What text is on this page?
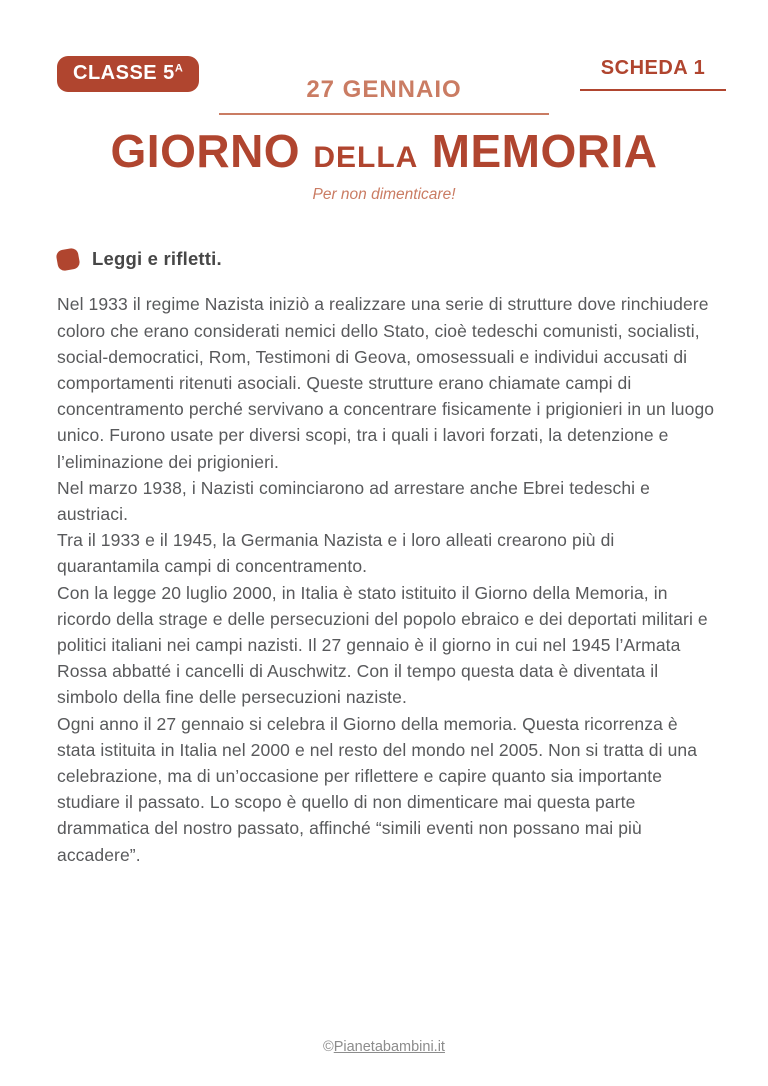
CLASSE $5^A$	SCHEDA 1
27 GENNAIO
GIORNO DELLA MEMORIA
Per non dimenticare!
Leggi e rifletti.

Nel 1933 il regime Nazista iniziò a realizzare una serie di strutture dove rinchiudere coloro che erano considerati nemici dello Stato, cioè tedeschi comunisti, socialisti, social-democratici, Rom, Testimoni di Geova, omosessuali e individui accusati di comportamenti ritenuti asociali. Queste strutture erano chiamate campi di concentramento perché servivano a concentrare fisicamente i prigionieri in un luogo unico. Furono usate per diversi scopi, tra i quali i lavori forzati, la detenzione e l’eliminazione dei prigionieri.

Nel marzo 1938, i Nazisti cominciarono ad arrestare anche Ebrei tedeschi e austriaci.

Tra il 1933 e il 1945, la Germania Nazista e i loro alleati crearono più di quarantamila campi di concentramento.

Con la legge 20 luglio 2000, in Italia è stato istituito il Giorno della Memoria, in ricordo della strage e delle persecuzioni del popolo ebraico e dei deportati militari e politici italiani nei campi nazisti. Il 27 gennaio è il giorno in cui nel 1945 l’Armata Rossa abbatté i cancelli di Auschwitz. Con il tempo questa data è diventata il simbolo della fine delle persecuzioni naziste.

Ogni anno il 27 gennaio si celebra il Giorno della memoria. Questa ricorrenza è stata istituita in Italia nel 2000 e nel resto del mondo nel 2005. Non si tratta di una celebrazione, ma di un’occasione per riflettere e capire quanto sia importante studiare il passato. Lo scopo è quello di non dimenticare mai questa parte drammatica del nostro passato, affinché “simili eventi non possano mai più accadere”.

©Pianetabambini.it
